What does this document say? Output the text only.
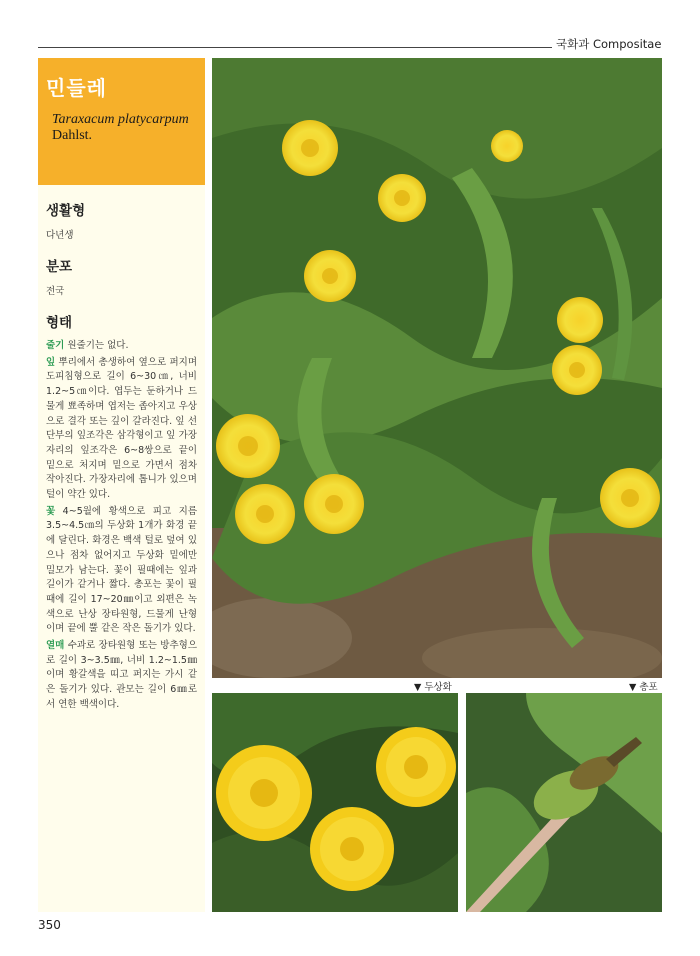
국화과 Compositae
민들레
Taraxacum platycarpum
Dahlst.
생활형
다년생
분포
전국
형태

줄기 원줄기는 없다.

잎 뿌리에서 총생하여 옆으로 퍼지며 도피침형으로 길이 6~30㎝, 너비 1.2~5㎝이다. 엽두는 둔하거나 드물게 뾰족하며 엽저는 좁아지고 우상으로 결각 또는 깊이 갈라진다. 잎 선단부의 잎조각은 삼각형이고 잎 가장자리의 잎조각은 6~8쌍으로 끝이 밑으로 처지며 밑으로 가면서 점차 작아진다. 가장자리에 톱니가 있으며 털이 약간 있다.

꽃 4~5월에 황색으로 피고 지름 3.5~4.5㎝의 두상화 1개가 화경 끝에 달린다. 화경은 백색 털로 덮여 있으나 점차 없어지고 두상화 밑에만 밀모가 남는다. 꽃이 필때에는 잎과 길이가 같거나 짧다. 총포는 꽃이 필때에 길이 17~20㎜이고 외편은 녹색으로 난상 장타원형, 드물게 난형이며 끝에 뿔 같은 작은 돌기가 있다.

열매 수과로 장타원형 또는 방추형으로 길이 3~3.5㎜, 너비 1.2~1.5㎜이며 황갈색을 띠고 퍼지는 가시 같은 돌기가 있다. 관모는 길이 6㎜로서 연한 백색이다.

▼ 두상화	▼ 총포
350
